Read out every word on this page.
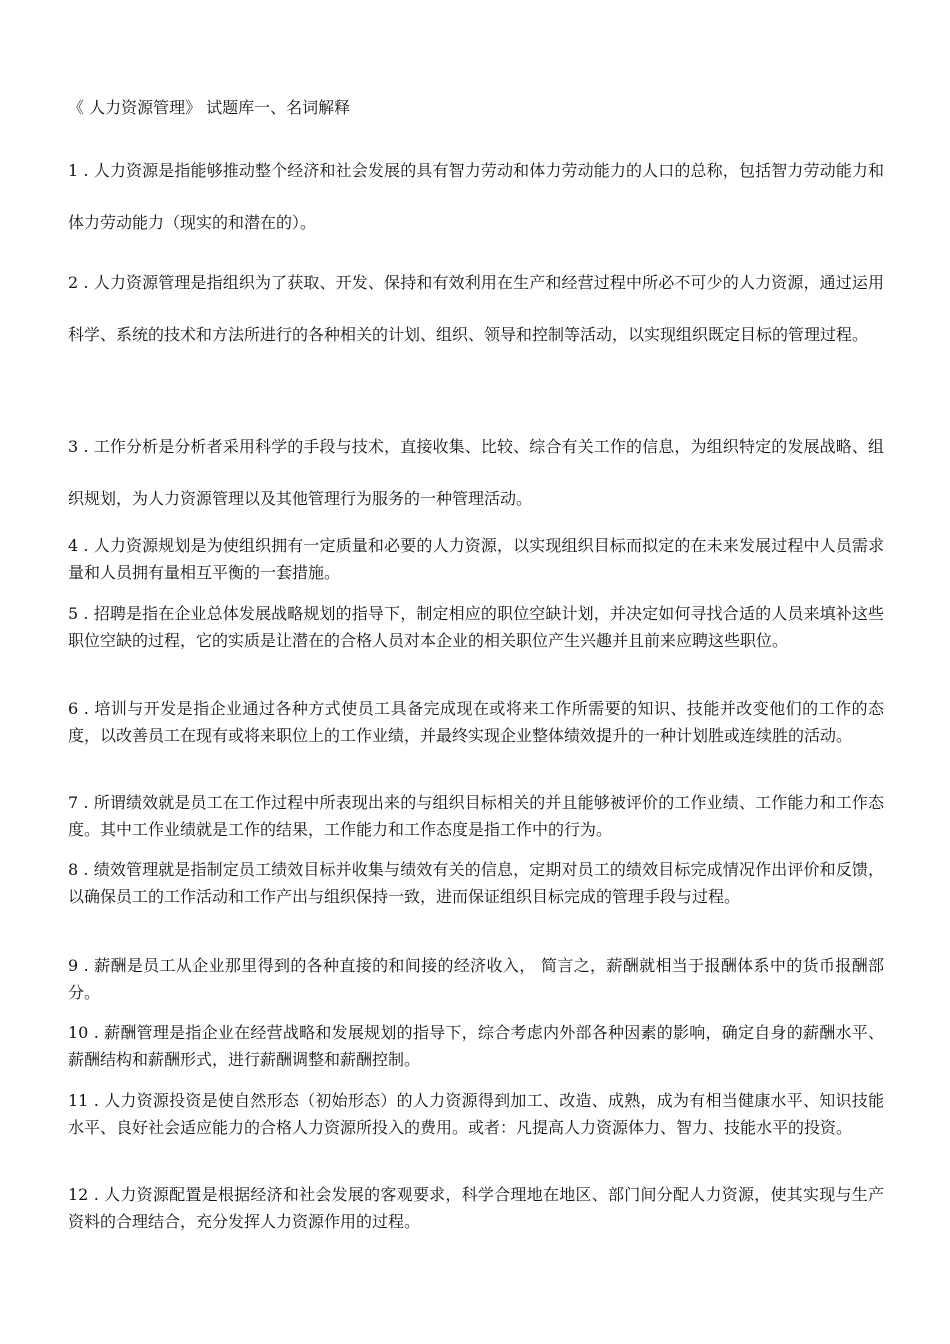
《 人力资源管理》 试题库一、名词解释

1 . 人力资源是指能够推动整个经济和社会发展的具有智力劳动和体力劳动能力的人口的总称，包括智力劳动能力和体力劳动能力（现实的和潜在的）。

2 . 人力资源管理是指组织为了获取、开发、保持和有效利用在生产和经营过程中所必不可少的人力资源，通过运用科学、系统的技术和方法所进行的各种相关的计划、组织、领导和控制等活动，以实现组织既定目标的管理过程。

3 . 工作分析是分析者采用科学的手段与技术，直接收集、比较、综合有关工作的信息，为组织特定的发展战略、组织规划，为人力资源管理以及其他管理行为服务的一种管理活动。

4 . 人力资源规划是为使组织拥有一定质量和必要的人力资源，以实现组织目标而拟定的在未来发展过程中人员需求量和人员拥有量相互平衡的一套措施。

5 . 招聘是指在企业总体发展战略规划的指导下，制定相应的职位空缺计划，并决定如何寻找合适的人员来填补这些职位空缺的过程，它的实质是让潜在的合格人员对本企业的相关职位产生兴趣并且前来应聘这些职位。

6 . 培训与开发是指企业通过各种方式使员工具备完成现在或将来工作所需要的知识、技能并改变他们的工作的态度，以改善员工在现有或将来职位上的工作业绩，并最终实现企业整体绩效提升的一种计划胜或连续胜的活动。

7 . 所谓绩效就是员工在工作过程中所表现出来的与组织目标相关的并且能够被评价的工作业绩、工作能力和工作态度。其中工作业绩就是工作的结果，工作能力和工作态度是指工作中的行为。

8 . 绩效管理就是指制定员工绩效目标并收集与绩效有关的信息，定期对员工的绩效目标完成情况作出评价和反馈，以确保员工的工作活动和工作产出与组织保持一致，进而保证组织目标完成的管理手段与过程。

9 . 薪酬是员工从企业那里得到的各种直接的和间接的经济收入， 简言之，薪酬就相当于报酬体系中的货币报酬部分。

10 . 薪酬管理是指企业在经营战略和发展规划的指导下，综合考虑内外部各种因素的影响，确定自身的薪酬水平、薪酬结构和薪酬形式，进行薪酬调整和薪酬控制。

11 . 人力资源投资是使自然形态（初始形态）的人力资源得到加工、改造、成熟，成为有相当健康水平、知识技能水平、良好社会适应能力的合格人力资源所投入的费用。或者：凡提高人力资源体力、智力、技能水平的投资。

12 . 人力资源配置是根据经济和社会发展的客观要求，科学合理地在地区、部门间分配人力资源，使其实现与生产资料的合理结合，充分发挥人力资源作用的过程。
